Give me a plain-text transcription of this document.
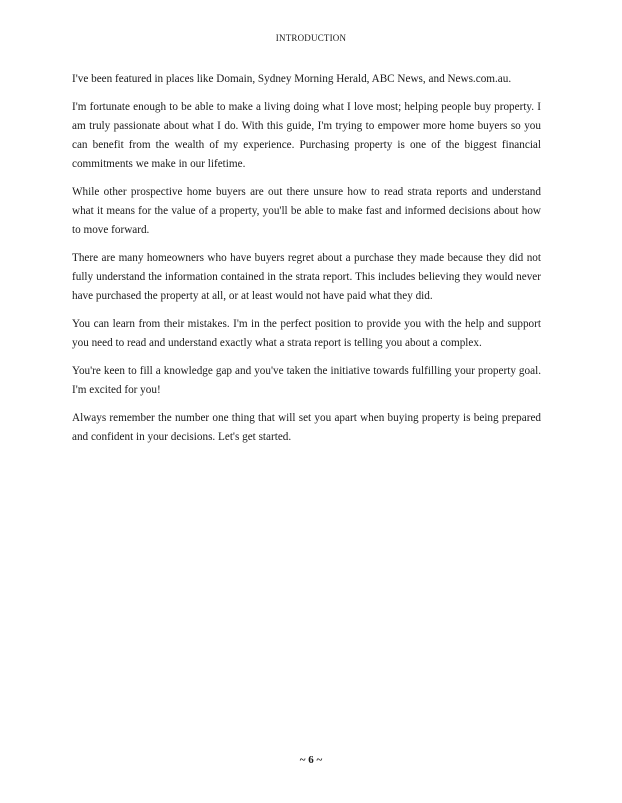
INTRODUCTION

I've been featured in places like Domain, Sydney Morning Herald, ABC News, and News.com.au.

I'm fortunate enough to be able to make a living doing what I love most; helping people buy property. I am truly passionate about what I do. With this guide, I'm trying to empower more home buyers so you can benefit from the wealth of my experience. Purchasing property is one of the biggest financial commitments we make in our lifetime.

While other prospective home buyers are out there unsure how to read strata reports and understand what it means for the value of a property, you'll be able to make fast and informed decisions about how to move forward.

There are many homeowners who have buyers regret about a purchase they made because they did not fully understand the information contained in the strata report. This includes believing they would never have purchased the property at all, or at least would not have paid what they did.

You can learn from their mistakes. I'm in the perfect position to provide you with the help and support you need to read and understand exactly what a strata report is telling you about a complex.

You're keen to fill a knowledge gap and you've taken the initiative towards fulfilling your property goal. I'm excited for you!

Always remember the number one thing that will set you apart when buying property is being prepared and confident in your decisions. Let's get started.

~ 6 ~
